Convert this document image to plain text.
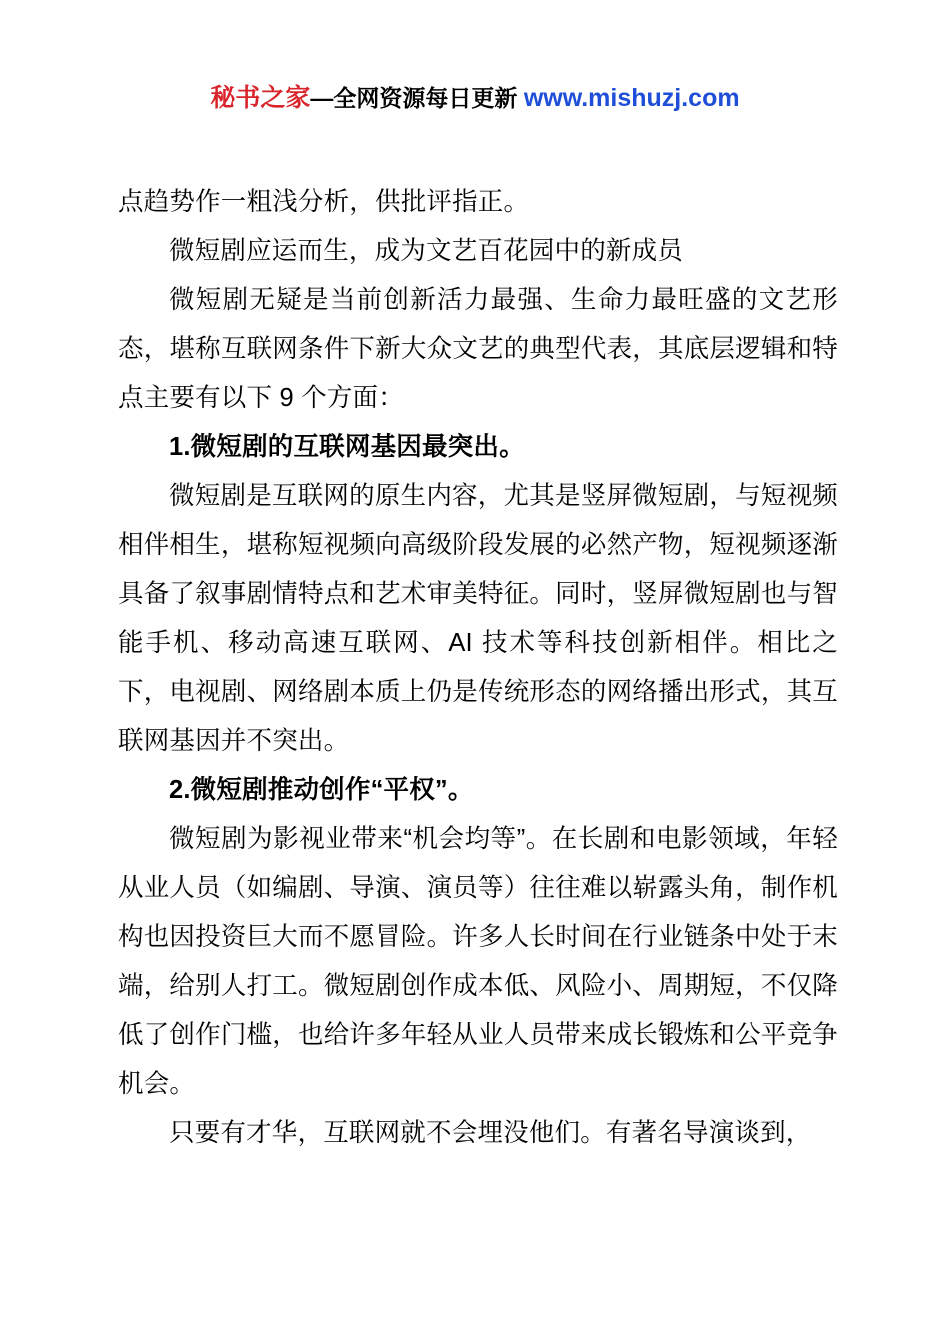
秘书之家—全网资源每日更新 www.mishuzj.com

点趋势作一粗浅分析，供批评指正。

微短剧应运而生，成为文艺百花园中的新成员

微短剧无疑是当前创新活力最强、生命力最旺盛的文艺形态，堪称互联网条件下新大众文艺的典型代表，其底层逻辑和特点主要有以下 9 个方面：

1.微短剧的互联网基因最突出。

微短剧是互联网的原生内容，尤其是竖屏微短剧，与短视频相伴相生，堪称短视频向高级阶段发展的必然产物，短视频逐渐具备了叙事剧情特点和艺术审美特征。同时，竖屏微短剧也与智能手机、移动高速互联网、AI 技术等科技创新相伴。相比之下，电视剧、网络剧本质上仍是传统形态的网络播出形式，其互联网基因并不突出。

2.微短剧推动创作“平权”。

微短剧为影视业带来“机会均等”。在长剧和电影领域，年轻从业人员（如编剧、导演、演员等）往往难以崭露头角，制作机构也因投资巨大而不愿冒险。许多人长时间在行业链条中处于末端，给别人打工。微短剧创作成本低、风险小、周期短，不仅降低了创作门槛，也给许多年轻从业人员带来成长锻炼和公平竞争机会。

只要有才华，互联网就不会埋没他们。有著名导演谈到，
